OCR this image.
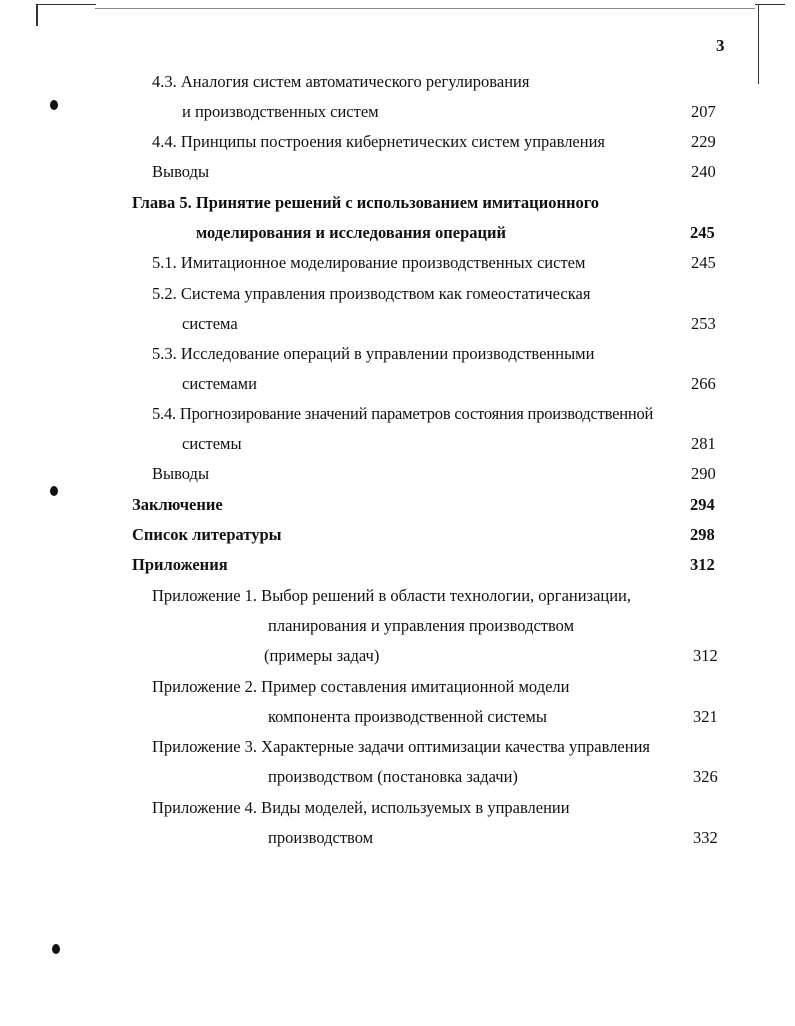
3
4.3. Аналогия систем автоматического регулирования
и производственных систем	207
4.4. Принципы построения кибернетических систем управления	229
Выводы	240
Глава 5. Принятие решений с использованием имитационного
моделирования и исследования операций	245
5.1. Имитационное моделирование производственных систем	245
5.2. Система управления производством как гомеостатическая
система	253
5.3. Исследование операций в управлении производственными
системами	266
5.4. Прогнозирование значений параметров состояния производственной
системы	281
Выводы	290
Заключение	294
Список литературы	298
Приложения	312
Приложение 1. Выбор решений в области технологии, организации,
планирования и управления производством
(примеры задач)	312
Приложение 2. Пример составления имитационной модели
компонента производственной системы	321
Приложение 3. Характерные задачи оптимизации качества управления
производством (постановка задачи)	326
Приложение 4. Виды моделей, используемых в управлении
производством	332
